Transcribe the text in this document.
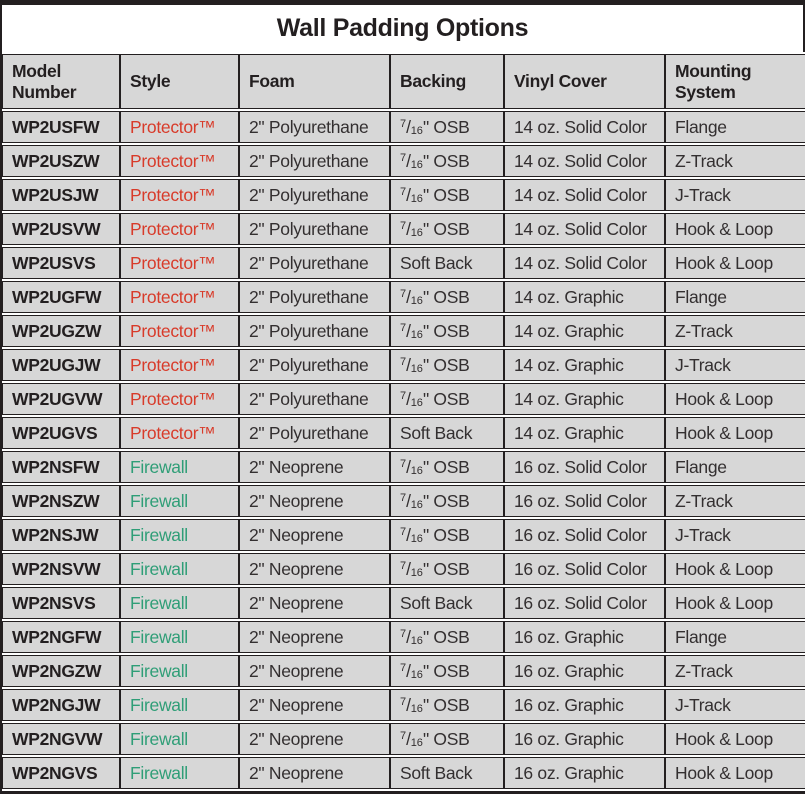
Wall Padding Options
Model Number	Style	Foam	Backing	Vinyl Cover	Mounting System
WP2USFW	Protector™	2" Polyurethane	$^7/_{16}$" OSB	14 oz. Solid Color	Flange
WP2USZW	Protector™	2" Polyurethane	$^7/_{16}$" OSB	14 oz. Solid Color	Z-Track
WP2USJW	Protector™	2" Polyurethane	$^7/_{16}$" OSB	14 oz. Solid Color	J-Track
WP2USVW	Protector™	2" Polyurethane	$^7/_{16}$" OSB	14 oz. Solid Color	Hook & Loop
WP2USVS	Protector™	2" Polyurethane	Soft Back	14 oz. Solid Color	Hook & Loop
WP2UGFW	Protector™	2" Polyurethane	$^7/_{16}$" OSB	14 oz. Graphic	Flange
WP2UGZW	Protector™	2" Polyurethane	$^7/_{16}$" OSB	14 oz. Graphic	Z-Track
WP2UGJW	Protector™	2" Polyurethane	$^7/_{16}$" OSB	14 oz. Graphic	J-Track
WP2UGVW	Protector™	2" Polyurethane	$^7/_{16}$" OSB	14 oz. Graphic	Hook & Loop
WP2UGVS	Protector™	2" Polyurethane	Soft Back	14 oz. Graphic	Hook & Loop
WP2NSFW	Firewall	2" Neoprene	$^7/_{16}$" OSB	16 oz. Solid Color	Flange
WP2NSZW	Firewall	2" Neoprene	$^7/_{16}$" OSB	16 oz. Solid Color	Z-Track
WP2NSJW	Firewall	2" Neoprene	$^7/_{16}$" OSB	16 oz. Solid Color	J-Track
WP2NSVW	Firewall	2" Neoprene	$^7/_{16}$" OSB	16 oz. Solid Color	Hook & Loop
WP2NSVS	Firewall	2" Neoprene	Soft Back	16 oz. Solid Color	Hook & Loop
WP2NGFW	Firewall	2" Neoprene	$^7/_{16}$" OSB	16 oz. Graphic	Flange
WP2NGZW	Firewall	2" Neoprene	$^7/_{16}$" OSB	16 oz. Graphic	Z-Track
WP2NGJW	Firewall	2" Neoprene	$^7/_{16}$" OSB	16 oz. Graphic	J-Track
WP2NGVW	Firewall	2" Neoprene	$^7/_{16}$" OSB	16 oz. Graphic	Hook & Loop
WP2NGVS	Firewall	2" Neoprene	Soft Back	16 oz. Graphic	Hook & Loop
